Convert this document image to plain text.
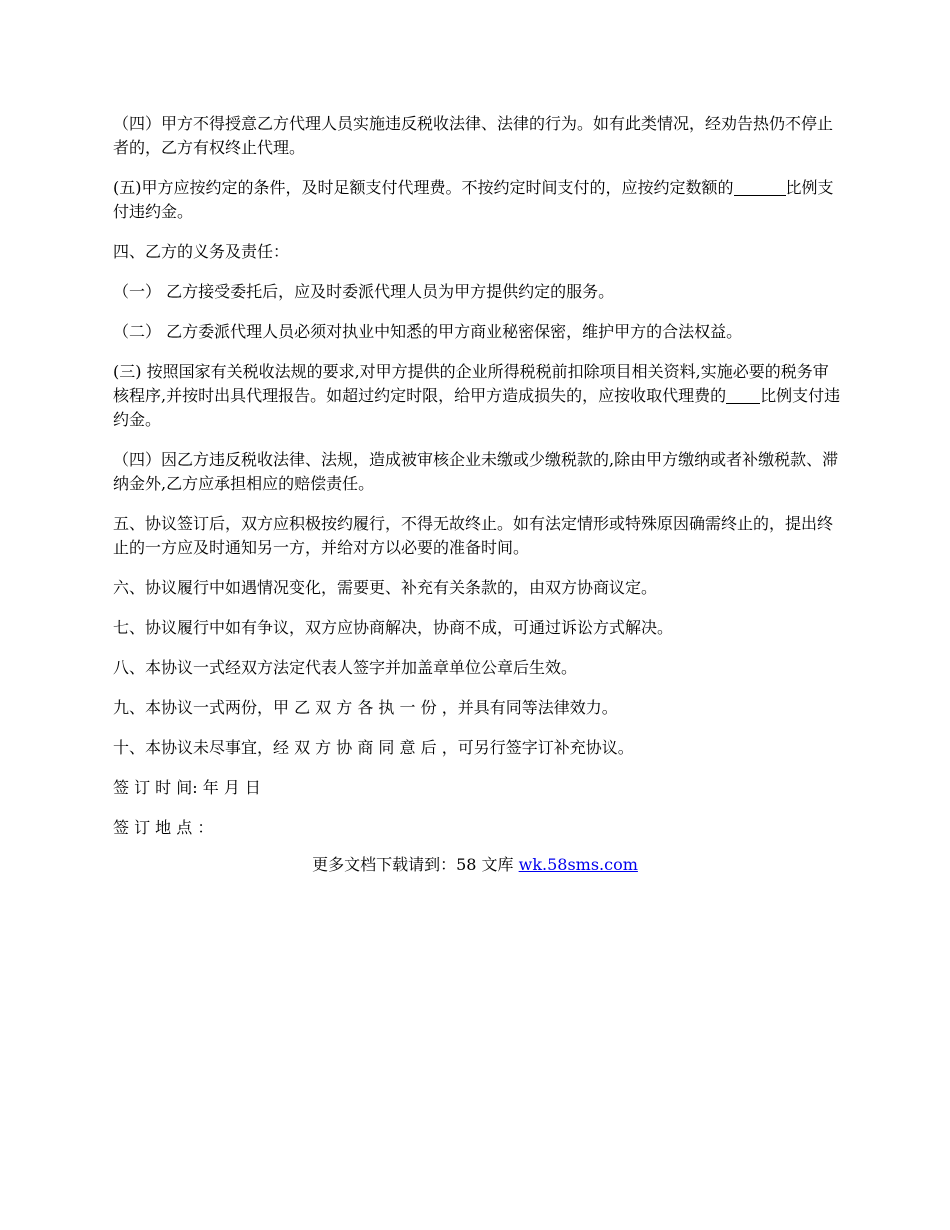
（四）甲方不得授意乙方代理人员实施违反税收法律、法律的行为。如有此类情况，经劝告热仍不停止者的，乙方有权终止代理。

(五)甲方应按约定的条件，及时足额支付代理费。不按约定时间支付的，应按约定数额的	比例支付违约金。

四、乙方的义务及责任：

（一） 乙方接受委托后，应及时委派代理人员为甲方提供约定的服务。

（二） 乙方委派代理人员必须对执业中知悉的甲方商业秘密保密，维护甲方的合法权益。

(三) 按照国家有关税收法规的要求,对甲方提供的企业所得税税前扣除项目相关资料,实施必要的税务审核程序,并按时出具代理报告。如超过约定时限，给甲方造成损失的，应按收取代理费的 比例支付违约金。

（四）因乙方违反税收法律、法规，造成被审核企业未缴或少缴税款的,除由甲方缴纳或者补缴税款、滞纳金外,乙方应承担相应的赔偿责任。

五、协议签订后，双方应积极按约履行，不得无故终止。如有法定情形或特殊原因确需终止的，提出终止的一方应及时通知另一方，并给对方以必要的准备时间。

六、协议履行中如遇情况变化，需要更、补充有关条款的，由双方协商议定。

七、协议履行中如有争议，双方应协商解决，协商不成，可通过诉讼方式解决。

八、本协议一式经双方法定代表人签字并加盖章单位公章后生效。

九、本协议一式两份，甲 乙 双 方 各 执 一 份 ，并具有同等法律效力。

十、本协议未尽事宜，经 双 方 协 商 同 意 后 ，可另行签字订补充协议。

签 订 时 间: 年 月 日

签 订 地 点 ：

更多文档下载请到：58 文库 wk.58sms.com
